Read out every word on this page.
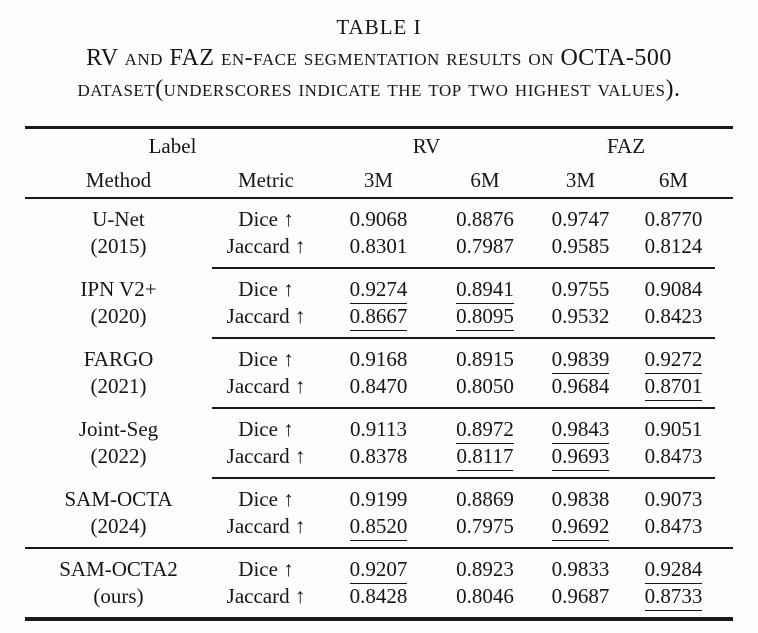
TABLE I
RV and FAZ en-face segmentation results on OCTA-500
dataset(underscores indicate the top two highest values).
Label	RV	FAZ
Method	Metric	3M	6M	3M	6M
U-Net	Dice ↑	0.9068	0.8876	0.9747	0.8770
(2015)	Jaccard ↑	0.8301	0.7987	0.9585	0.8124
IPN V2+	Dice ↑	0.9274	0.8941	0.9755	0.9084
(2020)	Jaccard ↑	0.8667	0.8095	0.9532	0.8423
FARGO	Dice ↑	0.9168	0.8915	0.9839	0.9272
(2021)	Jaccard ↑	0.8470	0.8050	0.9684	0.8701
Joint-Seg	Dice ↑	0.9113	0.8972	0.9843	0.9051
(2022)	Jaccard ↑	0.8378	0.8117	0.9693	0.8473
SAM-OCTA	Dice ↑	0.9199	0.8869	0.9838	0.9073
(2024)	Jaccard ↑	0.8520	0.7975	0.9692	0.8473
SAM-OCTA2	Dice ↑	0.9207	0.8923	0.9833	0.9284
(ours)	Jaccard ↑	0.8428	0.8046	0.9687	0.8733
